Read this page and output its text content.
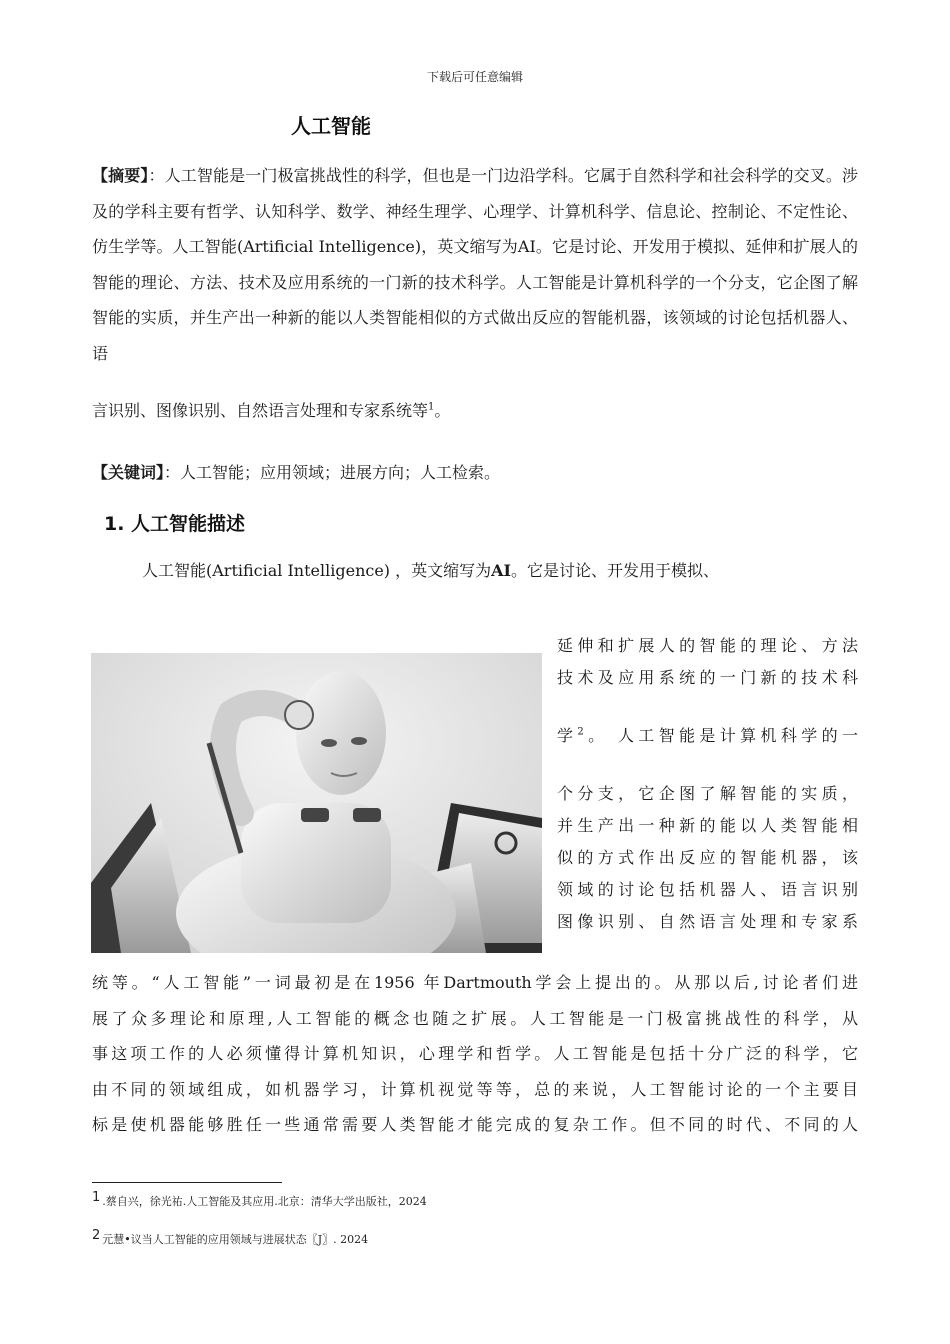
下载后可任意编辑
人工智能
【摘要】：人工智能是一门极富挑战性的科学，但也是一门边沿学科。它属于自然科学和社会科学的交叉。涉及的学科主要有哲学、认知科学、数学、神经生理学、心理学、计算机科学、信息论、控制论、不定性论、仿生学等。人工智能(Artificial Intelligence)，英文缩写为AI。它是讨论、开发用于模拟、延伸和扩展人的智能的理论、方法、技术及应用系统的一门新的技术科学。人工智能是计算机科学的一个分支，它企图了解智能的实质，并生产出一种新的能以人类智能相似的方式做出反应的智能机器，该领域的讨论包括机器人、语
言识别、图像识别、自然语言处理和专家系统等$^1$。
【关键词】：人工智能；应用领域；进展方向；人工检索。
1. 人工智能描述
人工智能(Artificial Intelligence) ，英文缩写为AI。它是讨论、开发用于模拟、
延伸和扩展人的智能的理论、方法
技术及应用系统的一门新的技术科
学$^2$。 人工智能是计算机科学的一
个分支，它企图了解智能的实质，
并生产出一种新的能以人类智能相
似的方式作出反应的智能机器，该
领域的讨论包括机器人、语言识别
图像识别、自然语言处理和专家系
统等。“人工智能”一词最初是在1956 年Dartmouth学会上提出的。从那以后,讨论者们进
展了众多理论和原理,人工智能的概念也随之扩展。人工智能是一门极富挑战性的科学，从
事这项工作的人必须懂得计算机知识，心理学和哲学。人工智能是包括十分广泛的科学，它
由不同的领域组成，如机器学习，计算机视觉等等，总的来说，人工智能讨论的一个主要目
标是使机器能够胜任一些通常需要人类智能才能完成的复杂工作。但不同的时代、不同的人
1 .蔡自兴，徐光祐.人工智能及其应用.北京：清华大学出版社，2024
2 元慧•议当人工智能的应用领域与进展状态〖J〗. 2024
